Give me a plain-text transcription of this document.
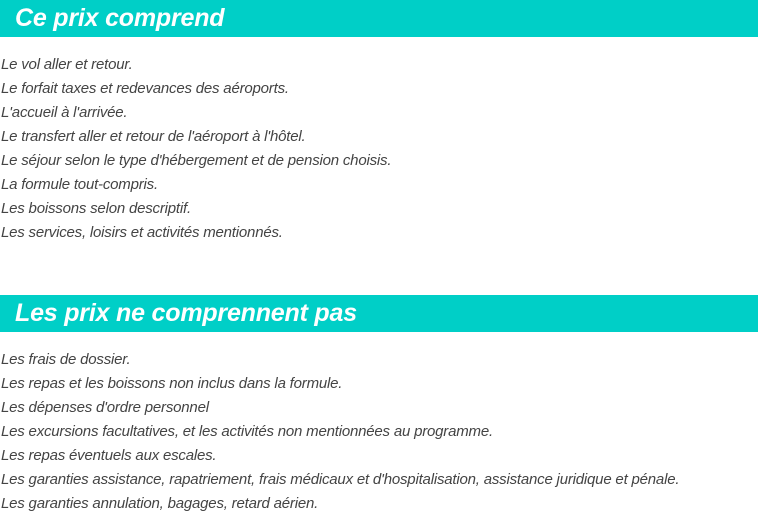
Ce prix comprend
Le vol aller et retour.
Le forfait taxes et redevances des aéroports.
L'accueil à l'arrivée.
Le transfert aller et retour de l'aéroport à l'hôtel.
Le séjour selon le type d'hébergement et de pension choisis.
La formule tout-compris.
Les boissons selon descriptif.
Les services, loisirs et activités mentionnés.
Les prix ne comprennent pas
Les frais de dossier.
Les repas et les boissons non inclus dans la formule.
Les dépenses d'ordre personnel
Les excursions facultatives, et les activités non mentionnées au programme.
Les repas éventuels aux escales.
Les garanties assistance, rapatriement, frais médicaux et d'hospitalisation, assistance juridique et pénale.
Les garanties annulation, bagages, retard aérien.
